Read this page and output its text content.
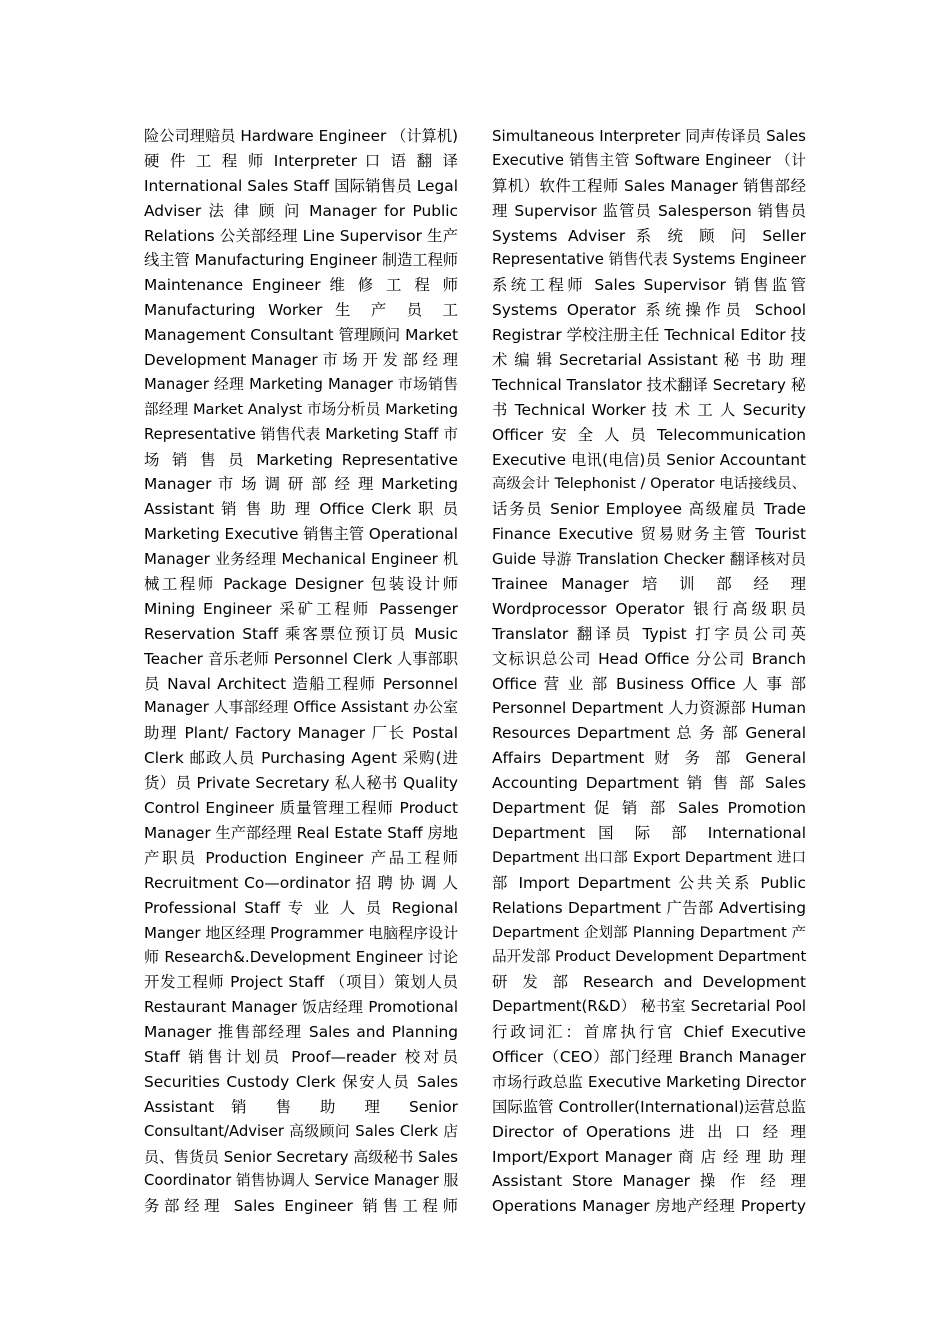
险公司理赔员 Hardware Engineer （计算机)
硬 件 工 程 师 Interpreter 口 语 翻 译
International Sales Staff 国际销售员 Legal
Adviser 法 律 顾 问 Manager for Public
Relations 公关部经理 Line Supervisor 生产
线主管 Manufacturing Engineer 制造工程师
Maintenance Engineer 维 修 工 程 师
Manufacturing Worker 生 产 员 工
Management Consultant 管理顾问 Market
Development Manager 市 场 开 发 部 经 理
Manager 经理 Marketing Manager 市场销售
部经理 Market Analyst 市场分析员 Marketing
Representative 销售代表 Marketing Staff 市
场 销 售 员 Marketing Representative
Manager 市 场 调 研 部 经 理 Marketing
Assistant 销 售 助 理 Office Clerk 职 员
Marketing Executive 销售主管 Operational
Manager 业务经理 Mechanical Engineer 机
械工程师 Package Designer 包装设计师
Mining Engineer 采矿工程师 Passenger
Reservation Staff 乘客票位预订员 Music
Teacher 音乐老师 Personnel Clerk 人事部职
员 Naval Architect 造船工程师 Personnel
Manager 人事部经理 Office Assistant 办公室
助理 Plant/ Factory Manager 厂长 Postal
Clerk 邮政人员 Purchasing Agent 采购(进
货）员 Private Secretary 私人秘书 Quality
Control Engineer 质量管理工程师 Product
Manager 生产部经理 Real Estate Staff 房地
产职员 Production Engineer 产品工程师
Recruitment Co—ordinator 招 聘 协 调 人
Professional Staff 专 业 人 员 Regional
Manger 地区经理 Programmer 电脑程序设计
师 Research&.Development Engineer 讨论
开发工程师 Project Staff （项目）策划人员
Restaurant Manager 饭店经理 Promotional
Manager 推售部经理 Sales and Planning
Staff 销售计划员 Proof—reader 校对员
Securities Custody Clerk 保安人员 Sales
Assistant 销 售 助 理 Senior
Consultant/Adviser 高级顾问 Sales Clerk 店
员、售货员 Senior Secretary 高级秘书 Sales
Coordinator 销售协调人 Service Manager 服
务部经理 Sales Engineer 销售工程师
Simultaneous Interpreter 同声传译员 Sales
Executive 销售主管 Software Engineer （计
算机）软件工程师 Sales Manager 销售部经
理 Supervisor 监管员 Salesperson 销售员
Systems Adviser 系 统 顾 问 Seller
Representative 销售代表 Systems Engineer
系统工程师 Sales Supervisor 销售监管
Systems Operator 系统操作员 School
Registrar 学校注册主任 Technical Editor 技
术 编 辑 Secretarial Assistant 秘 书 助 理
Technical Translator 技术翻译 Secretary 秘
书 Technical Worker 技 术 工 人 Security
Officer 安 全 人 员 Telecommunication
Executive 电讯(电信)员 Senior Accountant
高级会计 Telephonist / Operator 电话接线员、
话务员 Senior Employee 高级雇员 Trade
Finance Executive 贸易财务主管 Tourist
Guide 导游 Translation Checker 翻译核对员
Trainee Manager 培 训 部 经 理
Wordprocessor Operator 银行高级职员
Translator 翻译员 Typist 打字员公司英
文标识总公司 Head Office 分公司 Branch
Office 营 业 部 Business Office 人 事 部
Personnel Department 人力资源部 Human
Resources Department 总 务 部 General
Affairs Department 财 务 部 General
Accounting Department 销 售 部 Sales
Department 促 销 部 Sales Promotion
Department 国 际 部 International
Department 出口部 Export Department 进口
部 Import Department 公共关系 Public
Relations Department 广告部 Advertising
Department 企划部 Planning Department 产
品开发部 Product Development Department
研 发 部 Research and Development
Department(R&D） 秘书室 Secretarial Pool
行政词汇：首席执行官 Chief Executive
Officer（CEO）部门经理 Branch Manager
市场行政总监 Executive Marketing Director
国际监管 Controller(International)运营总监
Director of Operations 进 出 口 经 理
Import/Export Manager 商 店 经 理 助 理
Assistant Store Manager 操 作 经 理
Operations Manager 房地产经理 Property
